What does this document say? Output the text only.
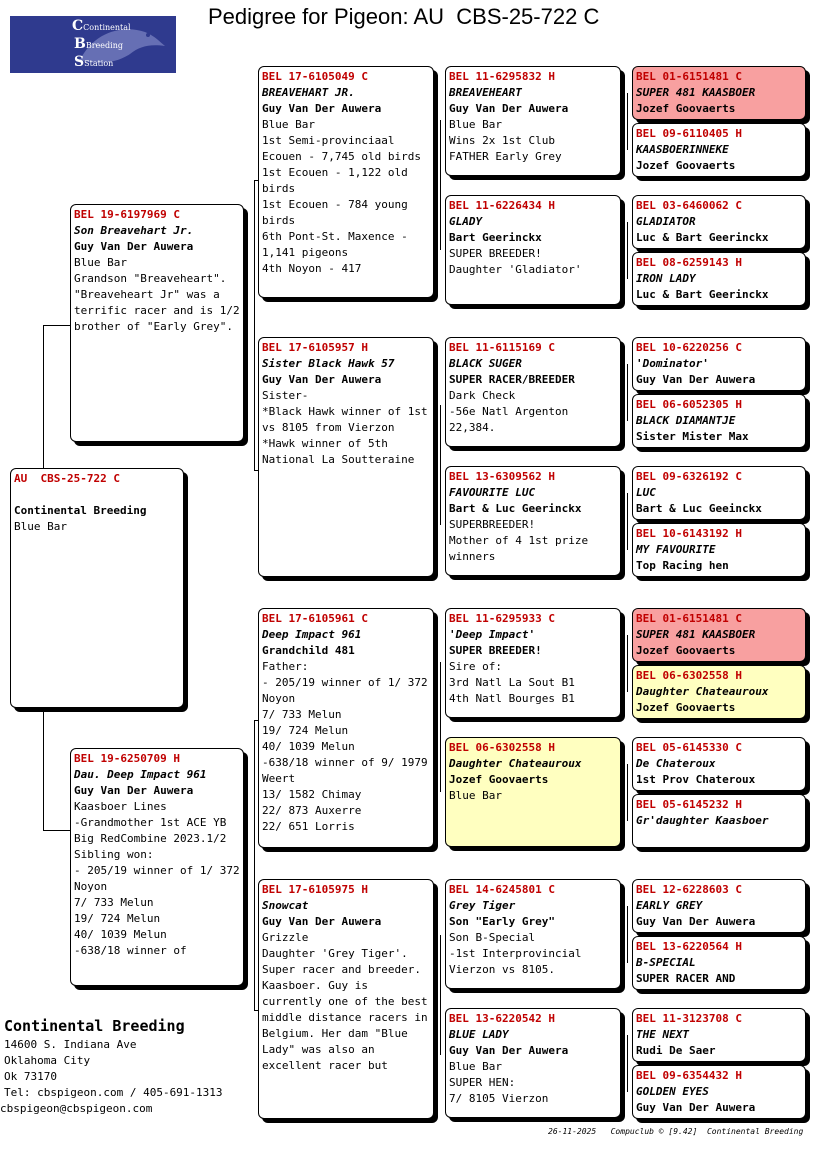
Pedigree for Pigeon: AU  CBS-25-722 C
CContinental
BBreeding
SStation
AU  CBS-25-722 C
Continental Breeding
Blue Bar
BEL 19-6197969 C
Son Breavehart Jr.
Guy Van Der Auwera
Blue Bar
Grandson "Breaveheart".
"Breaveheart Jr" was a terrific racer and is 1/2 brother of "Early Grey".
BEL 19-6250709 H
Dau. Deep Impact 961
Guy Van Der Auwera
Kaasboer Lines
-Grandmother 1st ACE YB Big RedCombine 2023.1/2 Sibling won:
- 205/19 winner of 1/ 372 Noyon
7/ 733 Melun
19/ 724 Melun
40/ 1039 Melun
-638/18 winner of
BEL 17-6105049 C
BREAVEHART JR.
Guy Van Der Auwera
Blue Bar
1st Semi-provinciaal Ecouen - 7,745 old birds
1st Ecouen - 1,122 old birds
1st Ecouen - 784 young birds
6th Pont-St. Maxence - 1,141 pigeons
4th Noyon - 417
BEL 17-6105957 H
Sister Black Hawk 57
Guy Van Der Auwera
Sister-
*Black Hawk winner of 1st vs 8105 from Vierzon
*Hawk winner of 5th National La Soutteraine
BEL 17-6105961 C
Deep Impact 961
Grandchild 481
Father:
- 205/19 winner of 1/ 372 Noyon
7/ 733 Melun
19/ 724 Melun
40/ 1039 Melun
-638/18 winner of 9/ 1979 Weert
13/ 1582 Chimay
22/ 873 Auxerre
22/ 651 Lorris
BEL 17-6105975 H
Snowcat
Guy Van Der Auwera
Grizzle
Daughter 'Grey Tiger'.  Super racer and breeder. Kaasboer. Guy is currently one of the best middle distance racers in Belgium. Her dam "Blue Lady" was also an excellent racer but
BEL 11-6295832 H
BREAVEHEART
Guy Van Der Auwera
Blue Bar
Wins 2x 1st Club
FATHER Early Grey
BEL 11-6226434 H
GLADY
Bart Geerinckx
SUPER BREEDER!
Daughter 'Gladiator'
BEL 11-6115169 C
BLACK SUGER
SUPER RACER/BREEDER
Dark Check
-56e Natl Argenton 22,384.
BEL 13-6309562 H
FAVOURITE LUC
Bart & Luc Geerinckx
SUPERBREEDER!
Mother of 4 1st prize winners
BEL 11-6295933 C
'Deep Impact'
SUPER BREEDER!
Sire of:
3rd Natl La Sout B1
4th Natl Bourges B1
BEL 06-6302558 H
Daughter Chateauroux
Jozef Goovaerts
Blue Bar
BEL 14-6245801 C
Grey Tiger
Son "Early Grey"
Son B-Special
-1st Interprovincial Vierzon vs 8105.
BEL 13-6220542 H
BLUE LADY
Guy Van Der Auwera
Blue Bar
SUPER HEN:
7/ 8105 Vierzon
BEL 01-6151481 C
SUPER 481 KAASBOER
Jozef Goovaerts
BEL 09-6110405 H
KAASBOERINNEKE
Jozef Goovaerts
BEL 03-6460062 C
GLADIATOR
Luc & Bart Geerinckx
BEL 08-6259143 H
IRON LADY
Luc & Bart Geerinckx
BEL 10-6220256 C
'Dominator'
Guy Van Der Auwera
BEL 06-6052305 H
BLACK DIAMANTJE
Sister Mister Max
BEL 09-6326192 C
LUC
Bart & Luc Geeinckx
BEL 10-6143192 H
MY FAVOURITE
Top Racing hen
BEL 01-6151481 C
SUPER 481 KAASBOER
Jozef Goovaerts
BEL 06-6302558 H
Daughter Chateauroux
Jozef Goovaerts
BEL 05-6145330 C
De Chateroux
1st Prov Chateroux
BEL 05-6145232 H
Gr'daughter Kaasboer
BEL 12-6228603 C
EARLY GREY
Guy Van Der Auwera
BEL 13-6220564 H
B-SPECIAL
SUPER RACER AND
BEL 11-3123708 C
THE NEXT
Rudi De Saer
BEL 09-6354432 H
GOLDEN EYES
Guy Van Der Auwera
Continental Breeding
14600 S. Indiana Ave
Oklahoma City
Ok 73170
Tel: cbspigeon.com / 405-691-1313
cbspigeon@cbspigeon.com
26-11-2025   Compuclub © [9.42]  Continental Breeding
